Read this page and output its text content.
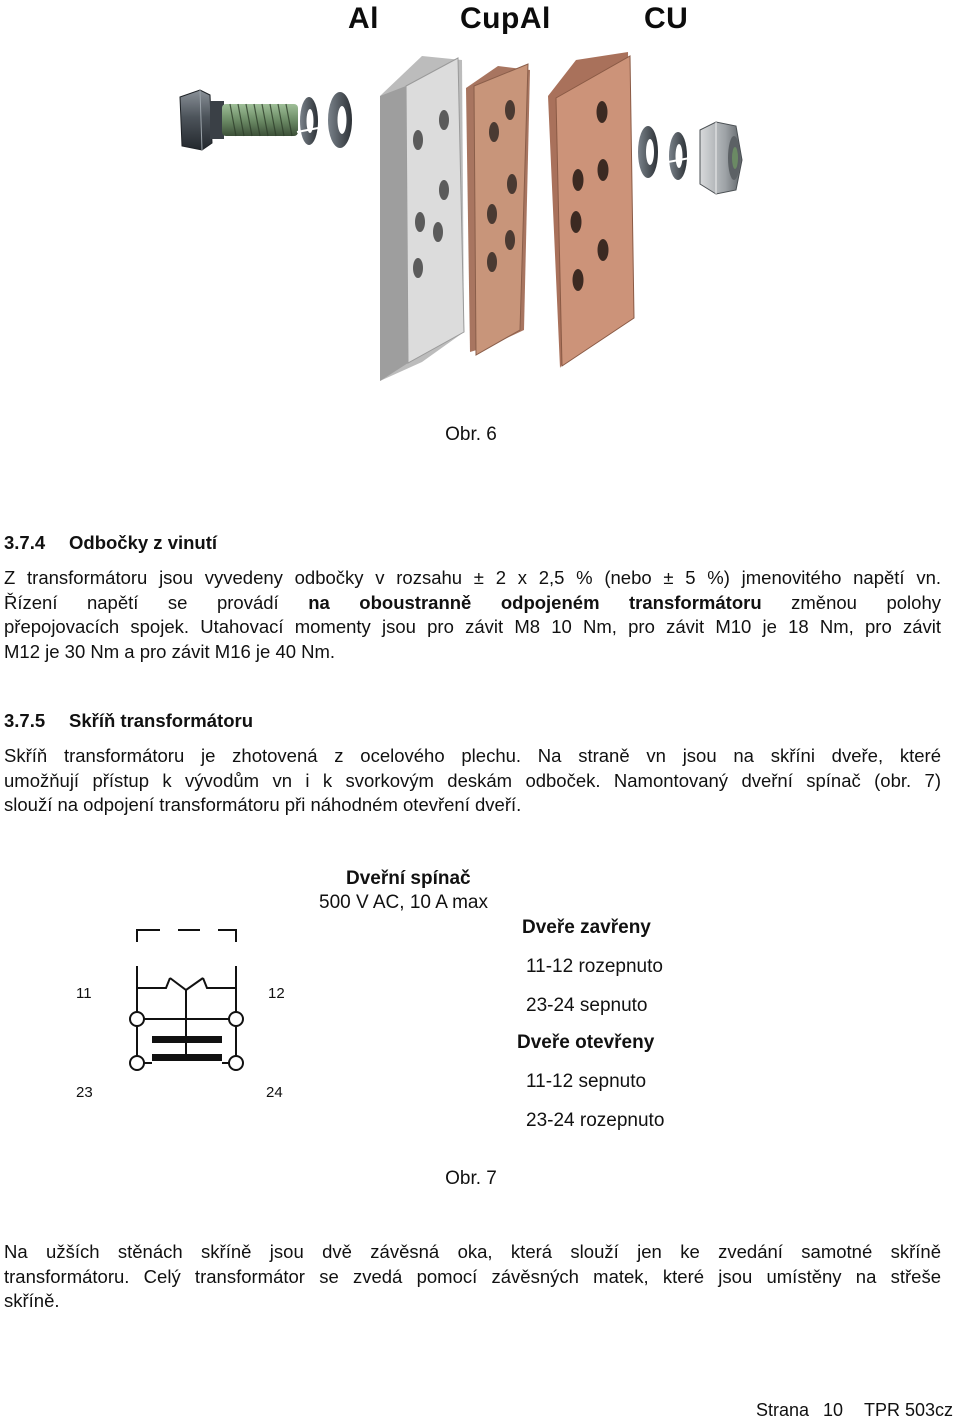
Al	CupAl	CU
Obr. 6
3.7.4 Odbočky z vinutí

Z transformátoru jsou vyvedeny odbočky v rozsahu ± 2 x 2,5 % (nebo ± 5 %) jmenovitého napětí vn.
Řízení napětí se provádí na oboustranně odpojeném transformátoru změnou polohy
přepojovacích spojek. Utahovací momenty jsou pro závit M8 10 Nm, pro závit M10 je 18 Nm, pro závit
M12 je 30 Nm a pro závit M16 je 40 Nm.

3.7.5 Skříň transformátoru

Skříň transformátoru je zhotovená z ocelového plechu. Na straně vn jsou na skříni dveře, které
umožňují přístup k vývodům vn i k svorkovým deskám odboček. Namontovaný dveřní spínač (obr. 7)
slouží na odpojení transformátoru při náhodném otevření dveří.

Dveřní spínač
500 V AC, 10 A max
11	12
23	24
Dveře zavřeny
11-12 rozepnuto
23-24 sepnuto
Dveře otevřeny
11-12 sepnuto
23-24 rozepnuto
Obr. 7

Na užších stěnách skříně jsou dvě závěsná oka, která slouží jen ke zvedání samotné skříně
transformátoru. Celý transformátor se zvedá pomocí závěsných matek, které jsou umístěny na střeše
skříně.

Strana 10 TPR 503cz
